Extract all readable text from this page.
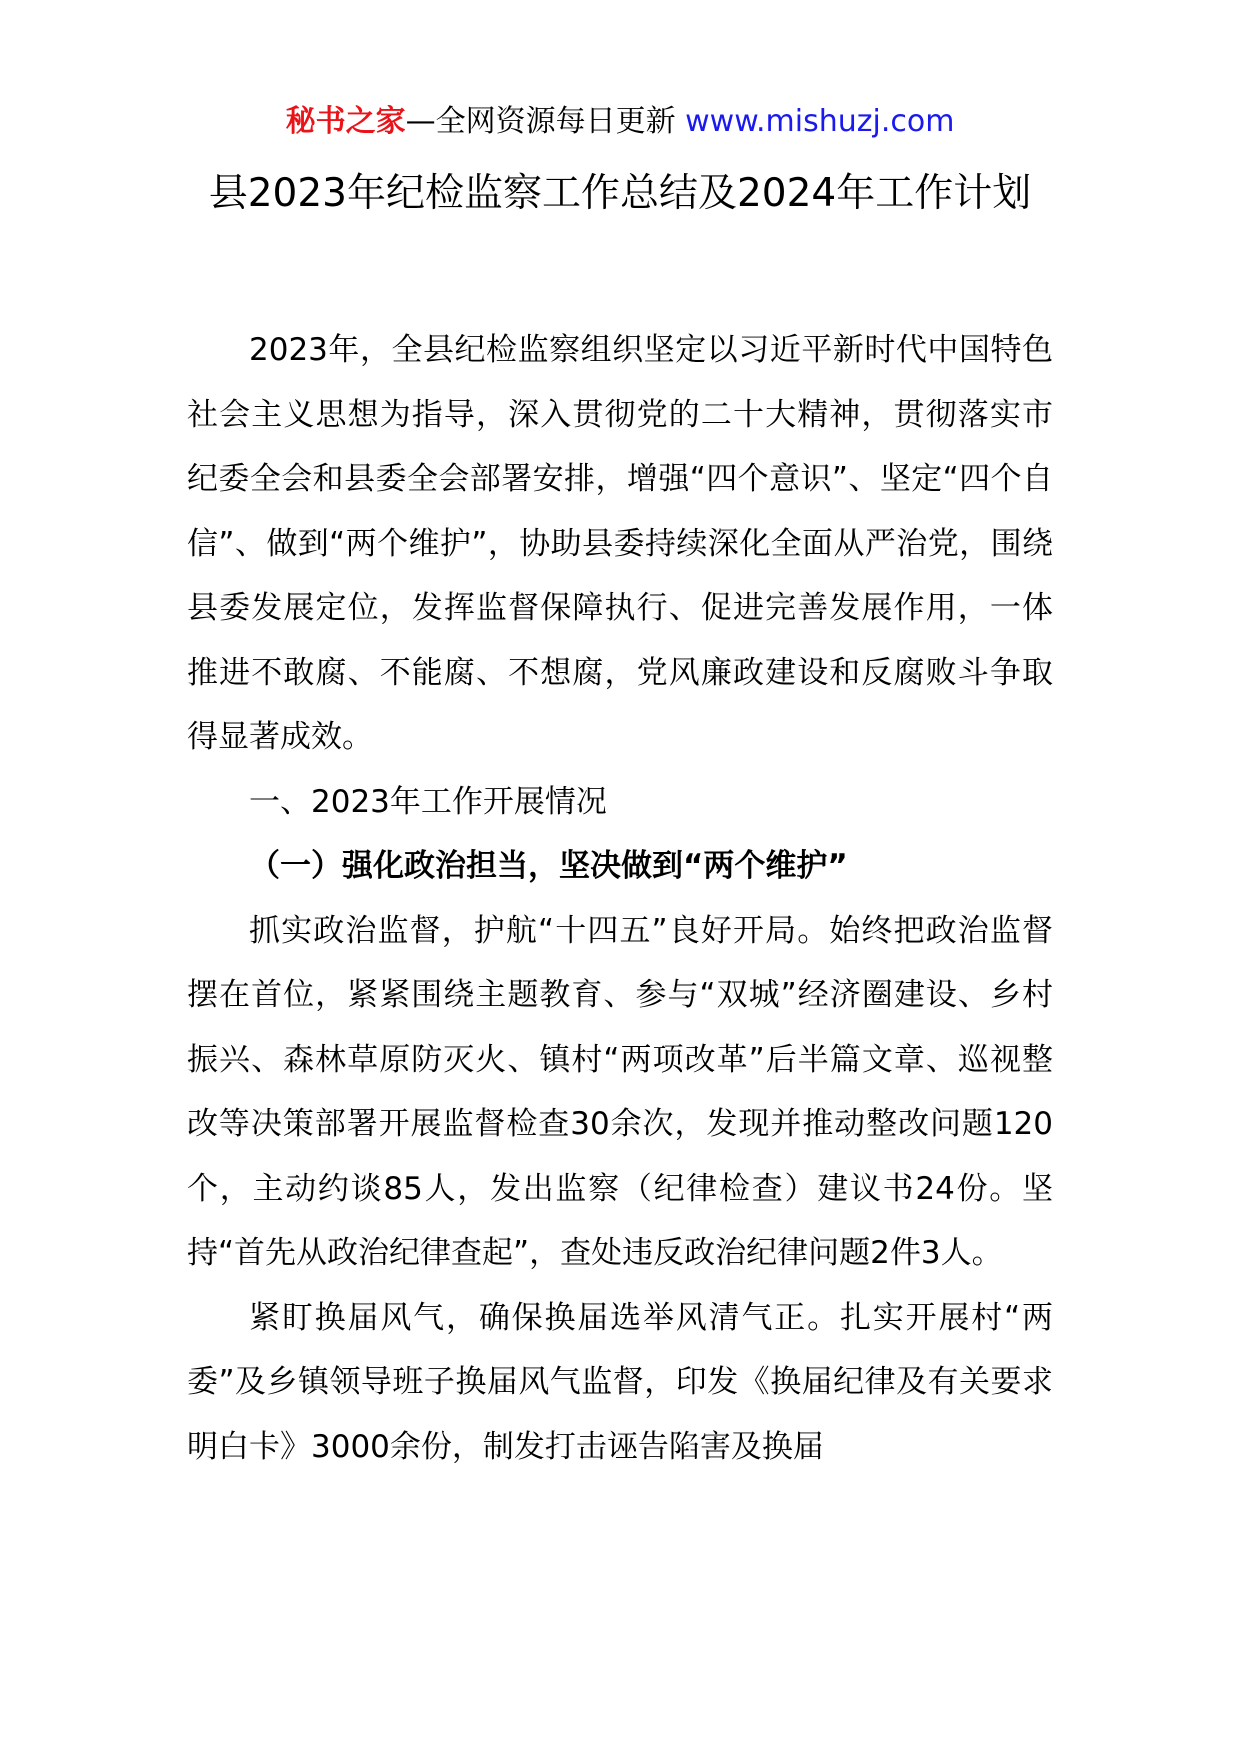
秘书之家—全网资源每日更新 www.mishuzj.com
县2023年纪检监察工作总结及2024年工作计划

2023年，全县纪检监察组织坚定以习近平新时代中国特色社会主义思想为指导，深入贯彻党的二十大精神，贯彻落实市纪委全会和县委全会部署安排，增强“四个意识”、坚定“四个自信”、做到“两个维护”，协助县委持续深化全面从严治党，围绕县委发展定位，发挥监督保障执行、促进完善发展作用，一体推进不敢腐、不能腐、不想腐，党风廉政建设和反腐败斗争取得显著成效。

一、2023年工作开展情况

（一）强化政治担当，坚决做到“两个维护”

抓实政治监督，护航“十四五”良好开局。始终把政治监督摆在首位，紧紧围绕主题教育、参与“双城”经济圈建设、乡村振兴、森林草原防灭火、镇村“两项改革”后半篇文章、巡视整改等决策部署开展监督检查30余次，发现并推动整改问题120个，主动约谈85人，发出监察（纪律检查）建议书24份。坚持“首先从政治纪律查起”，查处违反政治纪律问题2件3人。

紧盯换届风气，确保换届选举风清气正。扎实开展村“两委”及乡镇领导班子换届风气监督，印发《换届纪律及有关要求明白卡》3000余份，制发打击诬告陷害及换届
